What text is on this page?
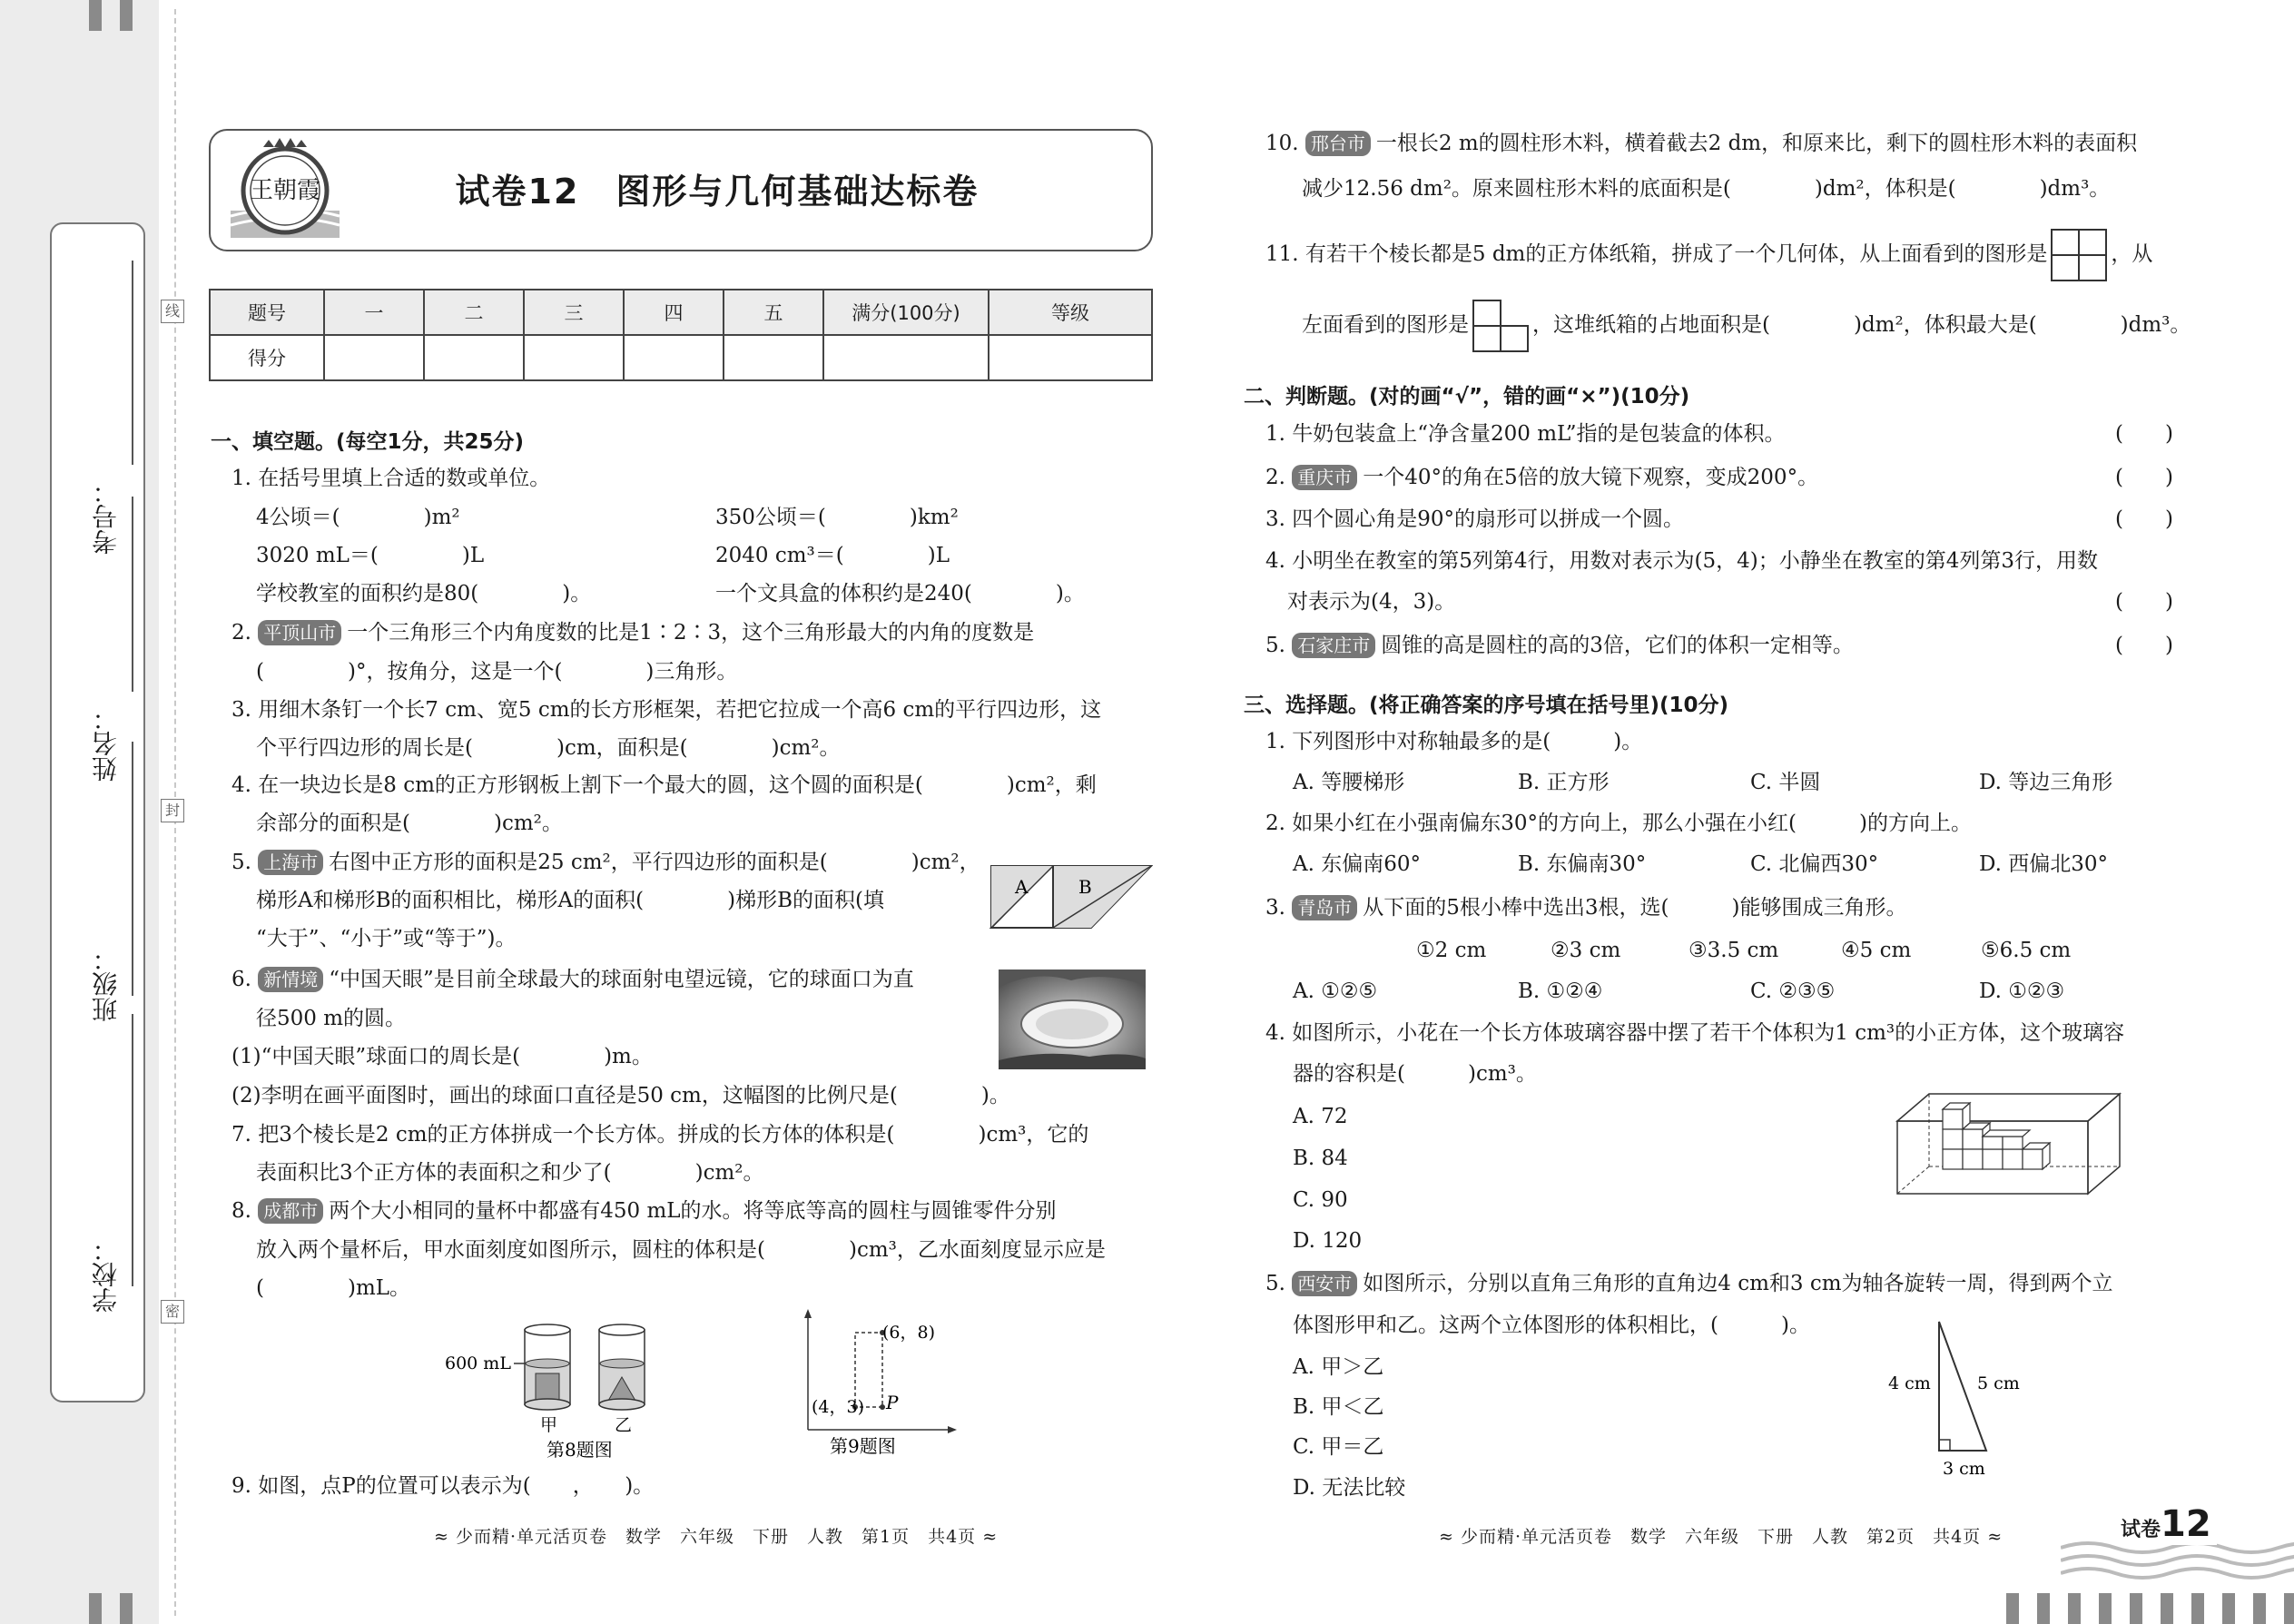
学校：
班级：
姓名：
考号：
线
封
密
王朝霞	试卷12　图形与几何基础达标卷
题号	一	二	三	四	五	满分(100分)	等级
得分							
一、填空题。(每空1分，共25分)
1. 在括号里填上合适的数或单位。
4公顷＝(　　　　)m²	350公顷＝(　　　　)km²
3020 mL＝(　　　　)L	2040 cm³＝(　　　　)L
学校教室的面积约是80(　　　　)。	一个文具盒的体积约是240(　　　　)。
2. 平顶山市 一个三角形三个内角度数的比是1∶2∶3，这个三角形最大的内角的度数是
(　　　　)°，按角分，这是一个(　　　　)三角形。
3. 用细木条钉一个长7 cm、宽5 cm的长方形框架，若把它拉成一个高6 cm的平行四边形，这
个平行四边形的周长是(　　　　)cm，面积是(　　　　)cm²。
4. 在一块边长是8 cm的正方形钢板上割下一个最大的圆，这个圆的面积是(　　　　)cm²，剩
余部分的面积是(　　　　)cm²。
5. 上海市 右图中正方形的面积是25 cm²，平行四边形的面积是(　　　　)cm²，
梯形A和梯形B的面积相比，梯形A的面积(　　　　)梯形B的面积(填
“大于”、“小于”或“等于”)。
A	B
6. 新情境 “中国天眼”是目前全球最大的球面射电望远镜，它的球面口为直
径500 m的圆。
(1)“中国天眼”球面口的周长是(　　　　)m。
(2)李明在画平面图时，画出的球面口直径是50 cm，这幅图的比例尺是(　　　　)。
7. 把3个棱长是2 cm的正方体拼成一个长方体。拼成的长方体的体积是(　　　　)cm³，它的
表面积比3个正方体的表面积之和少了(　　　　)cm²。
8. 成都市 两个大小相同的量杯中都盛有450 mL的水。将等底等高的圆柱与圆锥零件分别
放入两个量杯后，甲水面刻度如图所示，圆柱的体积是(　　　　)cm³，乙水面刻度显示应是
(　　　　)mL。
600 mL
甲	乙
第8题图
(6，8)
(4，3) P
第9题图
9. 如图，点P的位置可以表示为(　　，　　)。
≈ 少而精·单元活页卷　数学　六年级　下册　人教　第1页　共4页 ≈
10. 邢台市 一根长2 m的圆柱形木料，横着截去2 dm，和原来比，剩下的圆柱形木料的表面积
减少12.56 dm²。原来圆柱形木料的底面积是(　　　　)dm²，体积是(　　　　)dm³。
11. 有若干个棱长都是5 dm的正方体纸箱，拼成了一个几何体，从上面看到的图形是	，从
左面看到的图形是	，这堆纸箱的占地面积是(　　　　)dm²，体积最大是(　　　　)dm³。
二、判断题。(对的画“√”，错的画“×”)(10分)
1. 牛奶包装盒上“净含量200 mL”指的是包装盒的体积。	(　　)
2. 重庆市 一个40°的角在5倍的放大镜下观察，变成200°。	(　　)
3. 四个圆心角是90°的扇形可以拼成一个圆。	(　　)
4. 小明坐在教室的第5列第4行，用数对表示为(5，4)；小静坐在教室的第4列第3行，用数
对表示为(4，3)。	(　　)
5. 石家庄市 圆锥的高是圆柱的高的3倍，它们的体积一定相等。	(　　)
三、选择题。(将正确答案的序号填在括号里)(10分)
1. 下列图形中对称轴最多的是(　　　)。
A. 等腰梯形	B. 正方形	C. 半圆	D. 等边三角形
2. 如果小红在小强南偏东30°的方向上，那么小强在小红(　　　)的方向上。
A. 东偏南60°	B. 东偏南30°	C. 北偏西30°	D. 西偏北30°
3. 青岛市 从下面的5根小棒中选出3根，选(　　　)能够围成三角形。
①2 cm	②3 cm	③3.5 cm	④5 cm	⑤6.5 cm
A. ①②⑤	B. ①②④	C. ②③⑤	D. ①②③
4. 如图所示，小花在一个长方体玻璃容器中摆了若干个体积为1 cm³的小正方体，这个玻璃容
器的容积是(　　　)cm³。
A. 72
B. 84
C. 90
D. 120
5. 西安市 如图所示，分别以直角三角形的直角边4 cm和3 cm为轴各旋转一周，得到两个立
体图形甲和乙。这两个立体图形的体积相比，(　　　)。
A. 甲＞乙
B. 甲＜乙
C. 甲＝乙
D. 无法比较
4 cm	5 cm
3 cm
≈ 少而精·单元活页卷　数学　六年级　下册　人教　第2页　共4页 ≈	试卷12
